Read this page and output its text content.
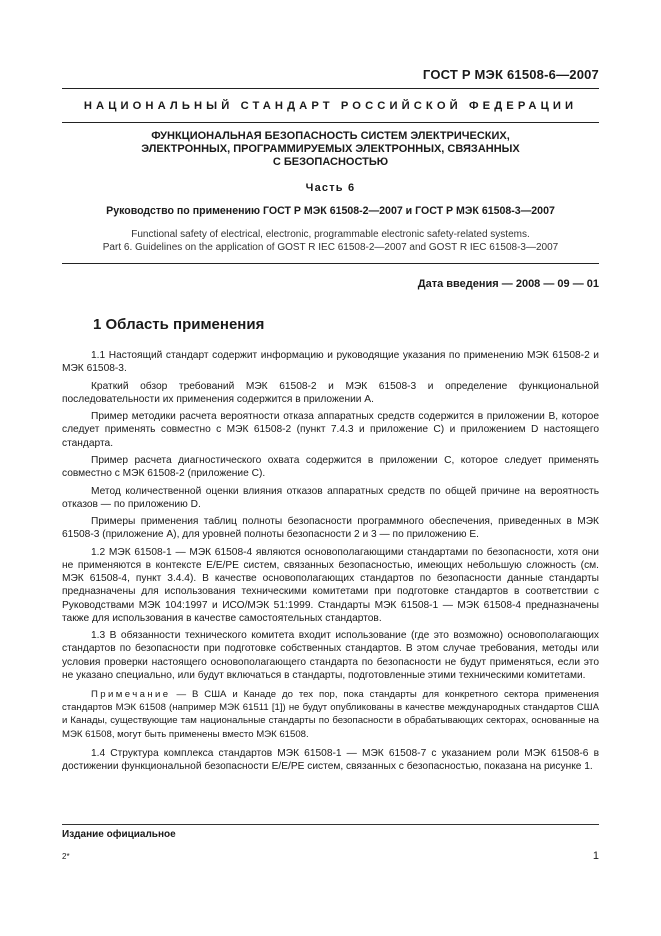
ГОСТ Р МЭК 61508-6—2007
НАЦИОНАЛЬНЫЙ СТАНДАРТ РОССИЙСКОЙ ФЕДЕРАЦИИ
ФУНКЦИОНАЛЬНАЯ БЕЗОПАСНОСТЬ СИСТЕМ ЭЛЕКТРИЧЕСКИХ,
ЭЛЕКТРОННЫХ, ПРОГРАММИРУЕМЫХ ЭЛЕКТРОННЫХ, СВЯЗАННЫХ
С БЕЗОПАСНОСТЬЮ
Часть 6
Руководство по применению ГОСТ Р МЭК 61508-2—2007 и ГОСТ Р МЭК 61508-3—2007
Functional safety of electrical, electronic, programmable electronic safety-related systems.
Part 6. Guidelines on the application of GOST R IEC 61508-2—2007 and GOST R IEC 61508-3—2007
Дата введения — 2008 — 09 — 01
1 Область применения

1.1 Настоящий стандарт содержит информацию и руководящие указания по применению МЭК 61508-2 и МЭК 61508-3.

Краткий обзор требований МЭК 61508-2 и МЭК 61508-3 и определение функциональной последовательности их применения содержится в приложении А.

Пример методики расчета вероятности отказа аппаратных средств содержится в приложении В, которое следует применять совместно с МЭК 61508-2 (пункт 7.4.3 и приложение С) и приложением D настоящего стандарта.

Пример расчета диагностического охвата содержится в приложении С, которое следует применять совместно с МЭК 61508-2 (приложение С).

Метод количественной оценки влияния отказов аппаратных средств по общей причине на вероятность отказов — по приложению D.

Примеры применения таблиц полноты безопасности программного обеспечения, приведенных в МЭК 61508-3 (приложение А), для уровней полноты безопасности 2 и 3 — по приложению Е.

1.2 МЭК 61508-1 — МЭК 61508-4 являются основополагающими стандартами по безопасности, хотя они не применяются в контексте Е/Е/РЕ систем, связанных безопасностью, имеющих небольшую сложность (см. МЭК 61508-4, пункт 3.4.4). В качестве основополагающих стандартов по безопасности данные стандарты предназначены для использования техническими комитетами при подготовке стандартов в соответствии с Руководствами МЭК 104:1997 и ИСО/МЭК 51:1999. Стандарты МЭК 61508-1 — МЭК 61508-4 предназначены также для использования в качестве самостоятельных стандартов.

1.3 В обязанности технического комитета входит использование (где это возможно) основополагающих стандартов по безопасности при подготовке собственных стандартов. В этом случае требования, методы или условия проверки настоящего основополагающего стандарта по безопасности не будут применяться, если это не указано специально, или будут включаться в стандарты, подготовленные этими техническими комитетами.

Примечание — В США и Канаде до тех пор, пока стандарты для конкретного сектора применения стандартов МЭК 61508 (например МЭК 61511 [1]) не будут опубликованы в качестве международных стандартов США и Канады, существующие там национальные стандарты по безопасности в обрабатывающих секторах, основанные на МЭК 61508, могут быть применены вместо МЭК 61508.

1.4 Структура комплекса стандартов МЭК 61508-1 — МЭК 61508-7 с указанием роли МЭК 61508-6 в достижении функциональной безопасности Е/Е/РЕ систем, связанных с безопасностью, показана на рисунке 1.

Издание официальное
2*	1
